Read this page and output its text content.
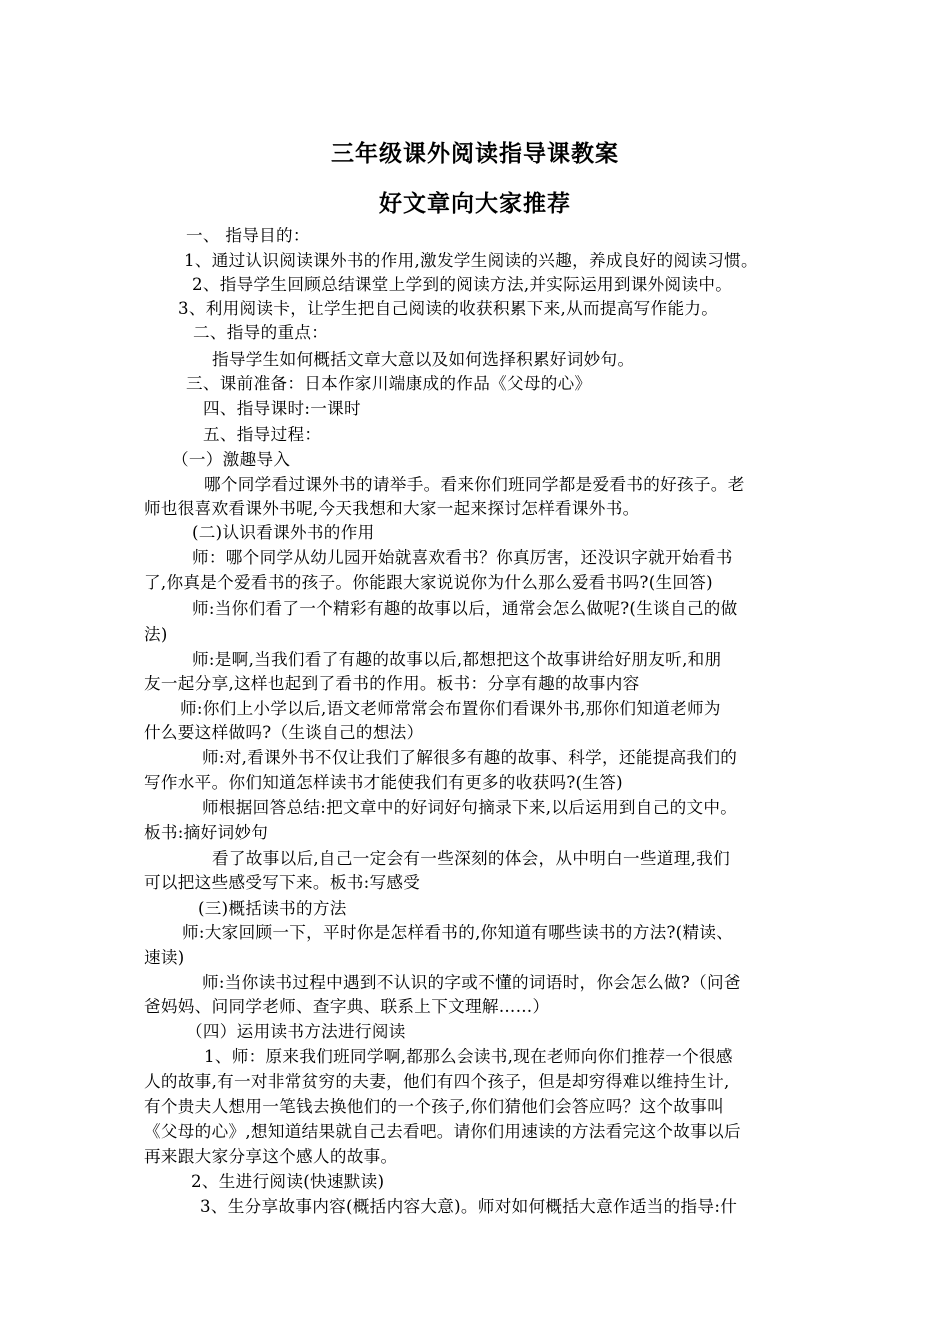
三年级课外阅读指导课教案
好文章向大家推荐
一、 指导目的：
1、通过认识阅读课外书的作用,激发学生阅读的兴趣，养成良好的阅读习惯。
2、指导学生回顾总结课堂上学到的阅读方法,并实际运用到课外阅读中。
3、利用阅读卡，让学生把自己阅读的收获积累下来,从而提高写作能力。
二、指导的重点：
指导学生如何概括文章大意以及如何选择积累好词妙句。
三、课前准备：日本作家川端康成的作品《父母的心》
四、指导课时:一课时
五、指导过程：
（一）激趣导入
哪个同学看过课外书的请举手。看来你们班同学都是爱看书的好孩子。老
师也很喜欢看课外书呢,今天我想和大家一起来探讨怎样看课外书。
(二)认识看课外书的作用
师：哪个同学从幼儿园开始就喜欢看书？你真厉害，还没识字就开始看书
了,你真是个爱看书的孩子。你能跟大家说说你为什么那么爱看书吗?(生回答)
师:当你们看了一个精彩有趣的故事以后，通常会怎么做呢?(生谈自己的做
法)
师:是啊,当我们看了有趣的故事以后,都想把这个故事讲给好朋友听,和朋
友一起分享,这样也起到了看书的作用。板书：分享有趣的故事内容
师:你们上小学以后,语文老师常常会布置你们看课外书,那你们知道老师为
什么要这样做吗?（生谈自己的想法）
师:对,看课外书不仅让我们了解很多有趣的故事、科学，还能提高我们的
写作水平。你们知道怎样读书才能使我们有更多的收获吗?(生答)
师根据回答总结:把文章中的好词好句摘录下来,以后运用到自己的文中。
板书:摘好词妙句
看了故事以后,自己一定会有一些深刻的体会，从中明白一些道理,我们
可以把这些感受写下来。板书:写感受
(三)概括读书的方法
师:大家回顾一下，平时你是怎样看书的,你知道有哪些读书的方法?(精读、
速读)
师:当你读书过程中遇到不认识的字或不懂的词语时，你会怎么做?（问爸
爸妈妈、问同学老师、查字典、联系上下文理解……）
（四）运用读书方法进行阅读
1、师：原来我们班同学啊,都那么会读书,现在老师向你们推荐一个很感
人的故事,有一对非常贫穷的夫妻，他们有四个孩子，但是却穷得难以维持生计,
有个贵夫人想用一笔钱去换他们的一个孩子,你们猜他们会答应吗？这个故事叫
《父母的心》,想知道结果就自己去看吧。请你们用速读的方法看完这个故事以后
再来跟大家分享这个感人的故事。
2、生进行阅读(快速默读)
3、生分享故事内容(概括内容大意)。师对如何概括大意作适当的指导:什
